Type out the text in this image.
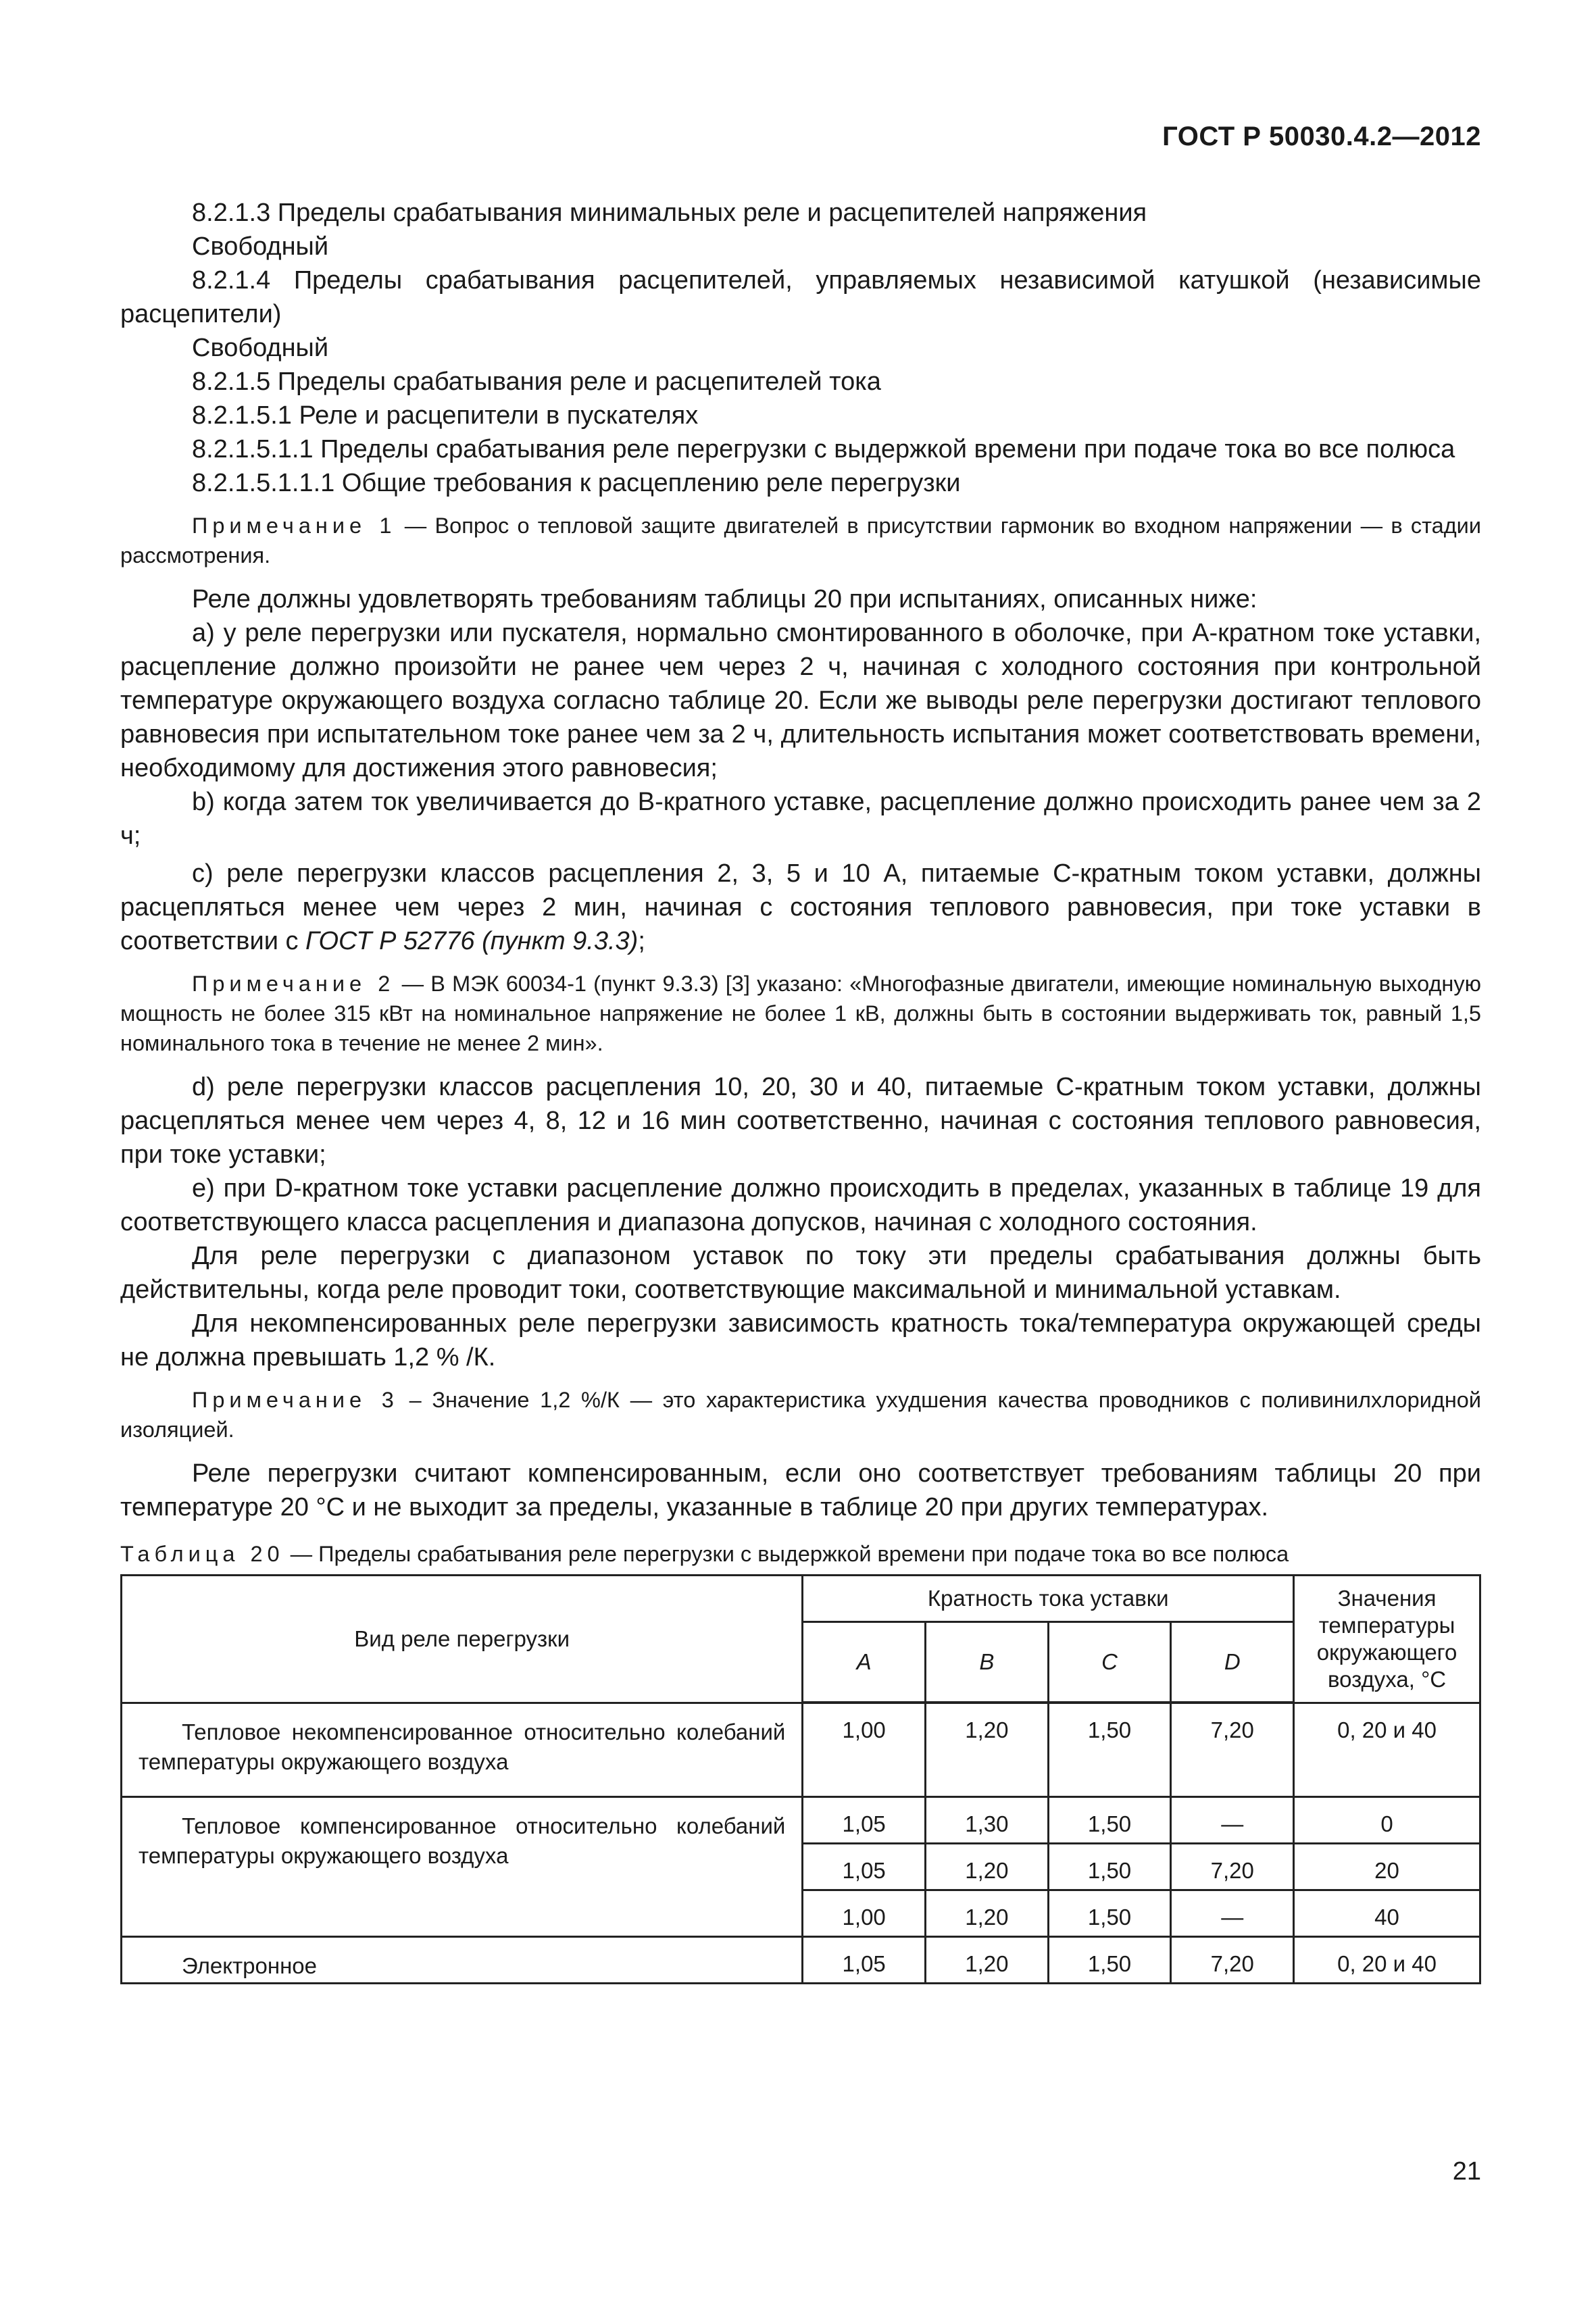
ГОСТ Р 50030.4.2—2012

8.2.1.3 Пределы срабатывания минимальных реле и расцепителей напряжения

Свободный

8.2.1.4 Пределы срабатывания расцепителей, управляемых независимой катушкой (независимые расцепители)

Свободный

8.2.1.5 Пределы срабатывания реле и расцепителей тока

8.2.1.5.1 Реле и расцепители в пускателях

8.2.1.5.1.1 Пределы срабатывания реле перегрузки с выдержкой времени при подаче тока во все полюса

8.2.1.5.1.1.1 Общие требования к расцеплению реле перегрузки

Примечание 1 — Вопрос о тепловой защите двигателей в присутствии гармоник во входном напряжении — в стадии рассмотрения.

Реле должны удовлетворять требованиям таблицы 20 при испытаниях, описанных ниже:

а) у реле перегрузки или пускателя, нормально смонтированного в оболочке, при А-кратном токе уставки, расцепление должно произойти не ранее чем через 2 ч, начиная с холодного состояния при контрольной температуре окружающего воздуха согласно таблице 20. Если же выводы реле перегрузки достигают теплового равновесия при испытательном токе ранее чем за 2 ч, длительность испытания может соответствовать времени, необходимому для достижения этого равновесия;

b) когда затем ток увеличивается до В-кратного уставке, расцепление должно происходить ранее чем за 2 ч;

с) реле перегрузки классов расцепления 2, 3, 5 и 10 А, питаемые С-кратным током уставки, должны расцепляться менее чем через 2 мин, начиная с состояния теплового равновесия, при токе уставки в соответствии с ГОСТ Р 52776 (пункт 9.3.3);

Примечание 2 — В МЭК 60034-1 (пункт 9.3.3) [3] указано: «Многофазные двигатели, имеющие номинальную выходную мощность не более 315 кВт на номинальное напряжение не более 1 кВ, должны быть в состоянии выдерживать ток, равный 1,5 номинального тока в течение не менее 2 мин».

d) реле перегрузки классов расцепления 10, 20, 30 и 40, питаемые С-кратным током уставки, должны расцепляться менее чем через 4, 8, 12 и 16 мин соответственно, начиная с состояния теплового равновесия, при токе уставки;

е) при D-кратном токе уставки расцепление должно происходить в пределах, указанных в таблице 19 для соответствующего класса расцепления и диапазона допусков, начиная с холодного состояния.

Для реле перегрузки с диапазоном уставок по току эти пределы срабатывания должны быть действительны, когда реле проводит токи, соответствующие максимальной и минимальной уставкам.

Для некомпенсированных реле перегрузки зависимость кратность тока/температура окружающей среды не должна превышать 1,2 % /К.

Примечание 3 – Значение 1,2 %/К — это характеристика ухудшения качества проводников с поливинилхлоридной изоляцией.

Реле перегрузки считают компенсированным, если оно соответствует требованиям таблицы 20 при температуре 20 °С и не выходит за пределы, указанные в таблице 20 при других температурах.

Таблица 20 — Пределы срабатывания реле перегрузки с выдержкой времени при подаче тока во все полюса
Вид реле перегрузки	Кратность тока уставки				Значения температуры окружающего воздуха, °С
	A	B	C	D	
Тепловое некомпенсированное относительно колебаний температуры окружающего воздуха	1,00	1,20	1,50	7,20	0, 20 и 40
Тепловое компенсированное относительно колебаний температуры окружающего воздуха	1,05	1,30	1,50	—	0
	1,05	1,20	1,50	7,20	20
	1,00	1,20	1,50	—	40
Электронное	1,05	1,20	1,50	7,20	0, 20 и 40
21
